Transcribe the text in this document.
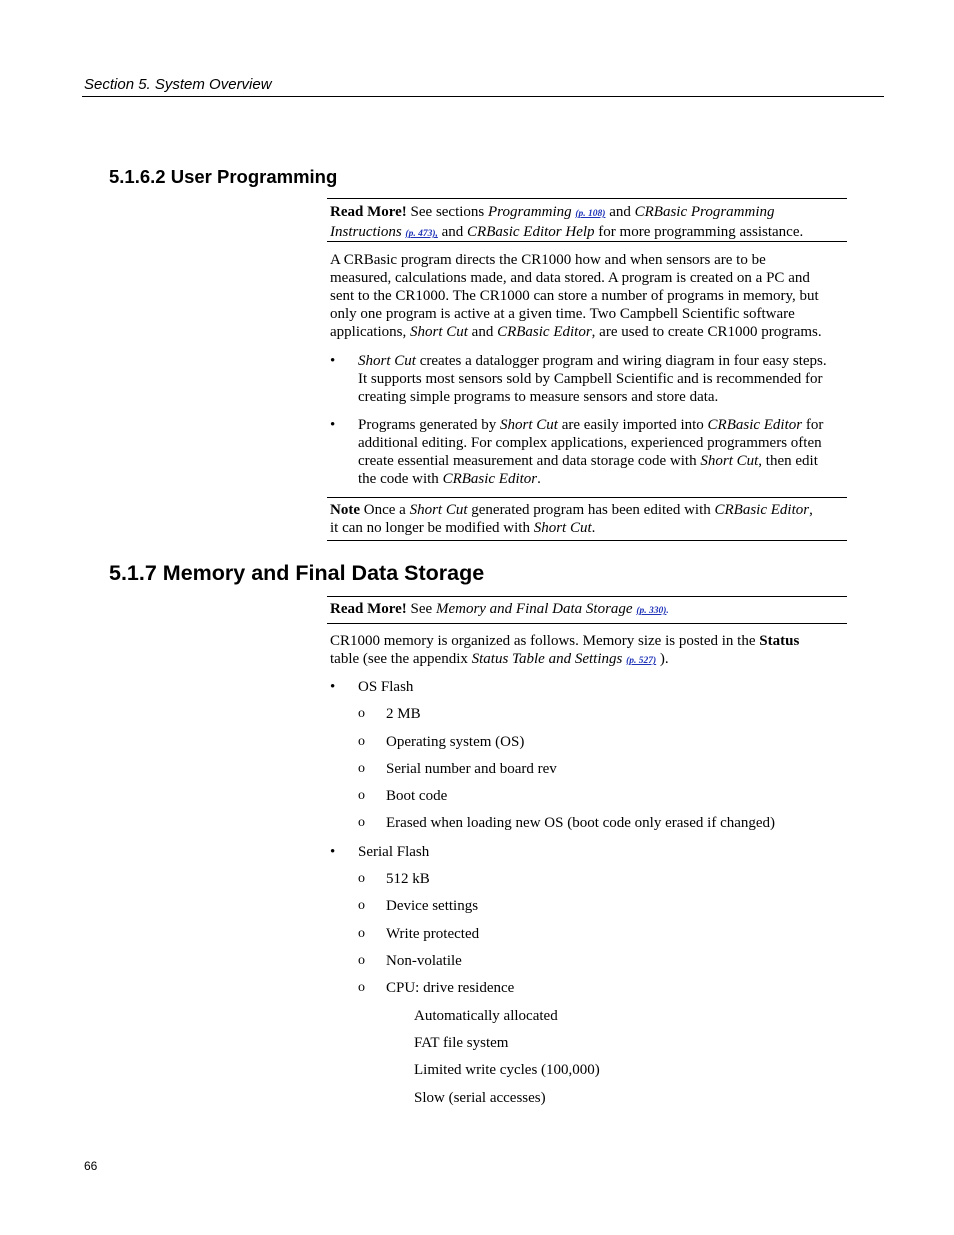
Section 5. System Overview
5.1.6.2 User Programming

Read More! See sections Programming (p. 108) and CRBasic Programming

Instructions (p. 473), and CRBasic Editor Help for more programming assistance.

A CRBasic program directs the CR1000 how and when sensors are to be

measured, calculations made, and data stored. A program is created on a PC and

sent to the CR1000. The CR1000 can store a number of programs in memory, but

only one program is active at a given time. Two Campbell Scientific software

applications, Short Cut and CRBasic Editor, are used to create CR1000 programs.

• Short Cut creates a datalogger program and wiring diagram in four easy steps.
It supports most sensors sold by Campbell Scientific and is recommended for
creating simple programs to measure sensors and store data.
• Programs generated by Short Cut are easily imported into CRBasic Editor for
additional editing. For complex applications, experienced programmers often
create essential measurement and data storage code with Short Cut, then edit
the code with CRBasic Editor.

Note Once a Short Cut generated program has been edited with CRBasic Editor,

it can no longer be modified with Short Cut.

5.1.7 Memory and Final Data Storage

Read More! See Memory and Final Data Storage (p. 330).

CR1000 memory is organized as follows. Memory size is posted in the Status

table (see the appendix Status Table and Settings (p. 527) ).

• OS Flash
o 2 MB
o Operating system (OS)
o Serial number and board rev
o Boot code
o Erased when loading new OS (boot code only erased if changed)
• Serial Flash
o 512 kB
o Device settings
o Write protected
o Non-volatile
o CPU: drive residence
Automatically allocated
FAT file system
Limited write cycles (100,000)
Slow (serial accesses)
66
